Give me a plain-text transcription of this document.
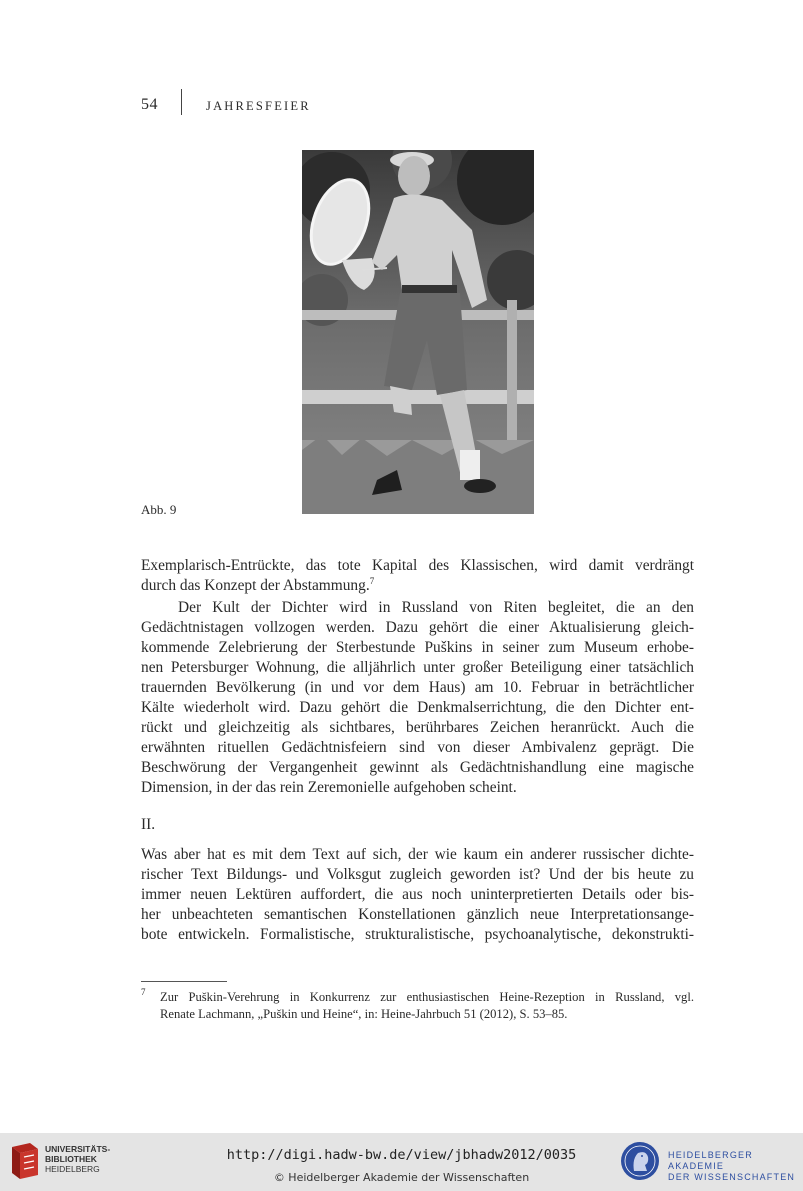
54	JAHRESFEIER
Abb. 9
Exemplarisch-Entrückte, das tote Kapital des Klassischen, wird damit verdrängt
durch das Konzept der Abstammung.$^7$
Der Kult der Dichter wird in Russland von Riten begleitet, die an den
Gedächtnistagen vollzogen werden. Dazu gehört die einer Aktualisierung gleich-
kommende Zelebrierung der Sterbestunde Puškins in seiner zum Museum erhobe-
nen Petersburger Wohnung, die alljährlich unter großer Beteiligung einer tatsächlich
trauernden Bevölkerung (in und vor dem Haus) am 10. Februar in beträchtlicher
Kälte wiederholt wird. Dazu gehört die Denkmalserrichtung, die den Dichter ent-
rückt und gleichzeitig als sichtbares, berührbares Zeichen heranrückt. Auch die
erwähnten rituellen Gedächtnisfeiern sind von dieser Ambivalenz geprägt. Die
Beschwörung der Vergangenheit gewinnt als Gedächtnishandlung eine magische
Dimension, in der das rein Zeremonielle aufgehoben scheint.
II.
Was aber hat es mit dem Text auf sich, der wie kaum ein anderer russischer dichte-
rischer Text Bildungs- und Volksgut zugleich geworden ist? Und der bis heute zu
immer neuen Lektüren auffordert, die aus noch uninterpretierten Details oder bis-
her unbeachteten semantischen Konstellationen gänzlich neue Interpretationsange-
bote entwickeln. Formalistische, strukturalistische, psychoanalytische, dekonstrukti-
7 Zur Puškin-Verehrung in Konkurrenz zur enthusiastischen Heine-Rezeption in Russland, vgl.
Renate Lachmann, „Puškin und Heine“, in: Heine-Jahrbuch 51 (2012), S. 53–85.
UNIVERSITÄTS-
BIBLIOTHEK
HEIDELBERG
http://digi.hadw-bw.de/view/jbhadw2012/0035
© Heidelberger Akademie der Wissenschaften
HEIDELBERGER AKADEMIE
DER WISSENSCHAFTEN
